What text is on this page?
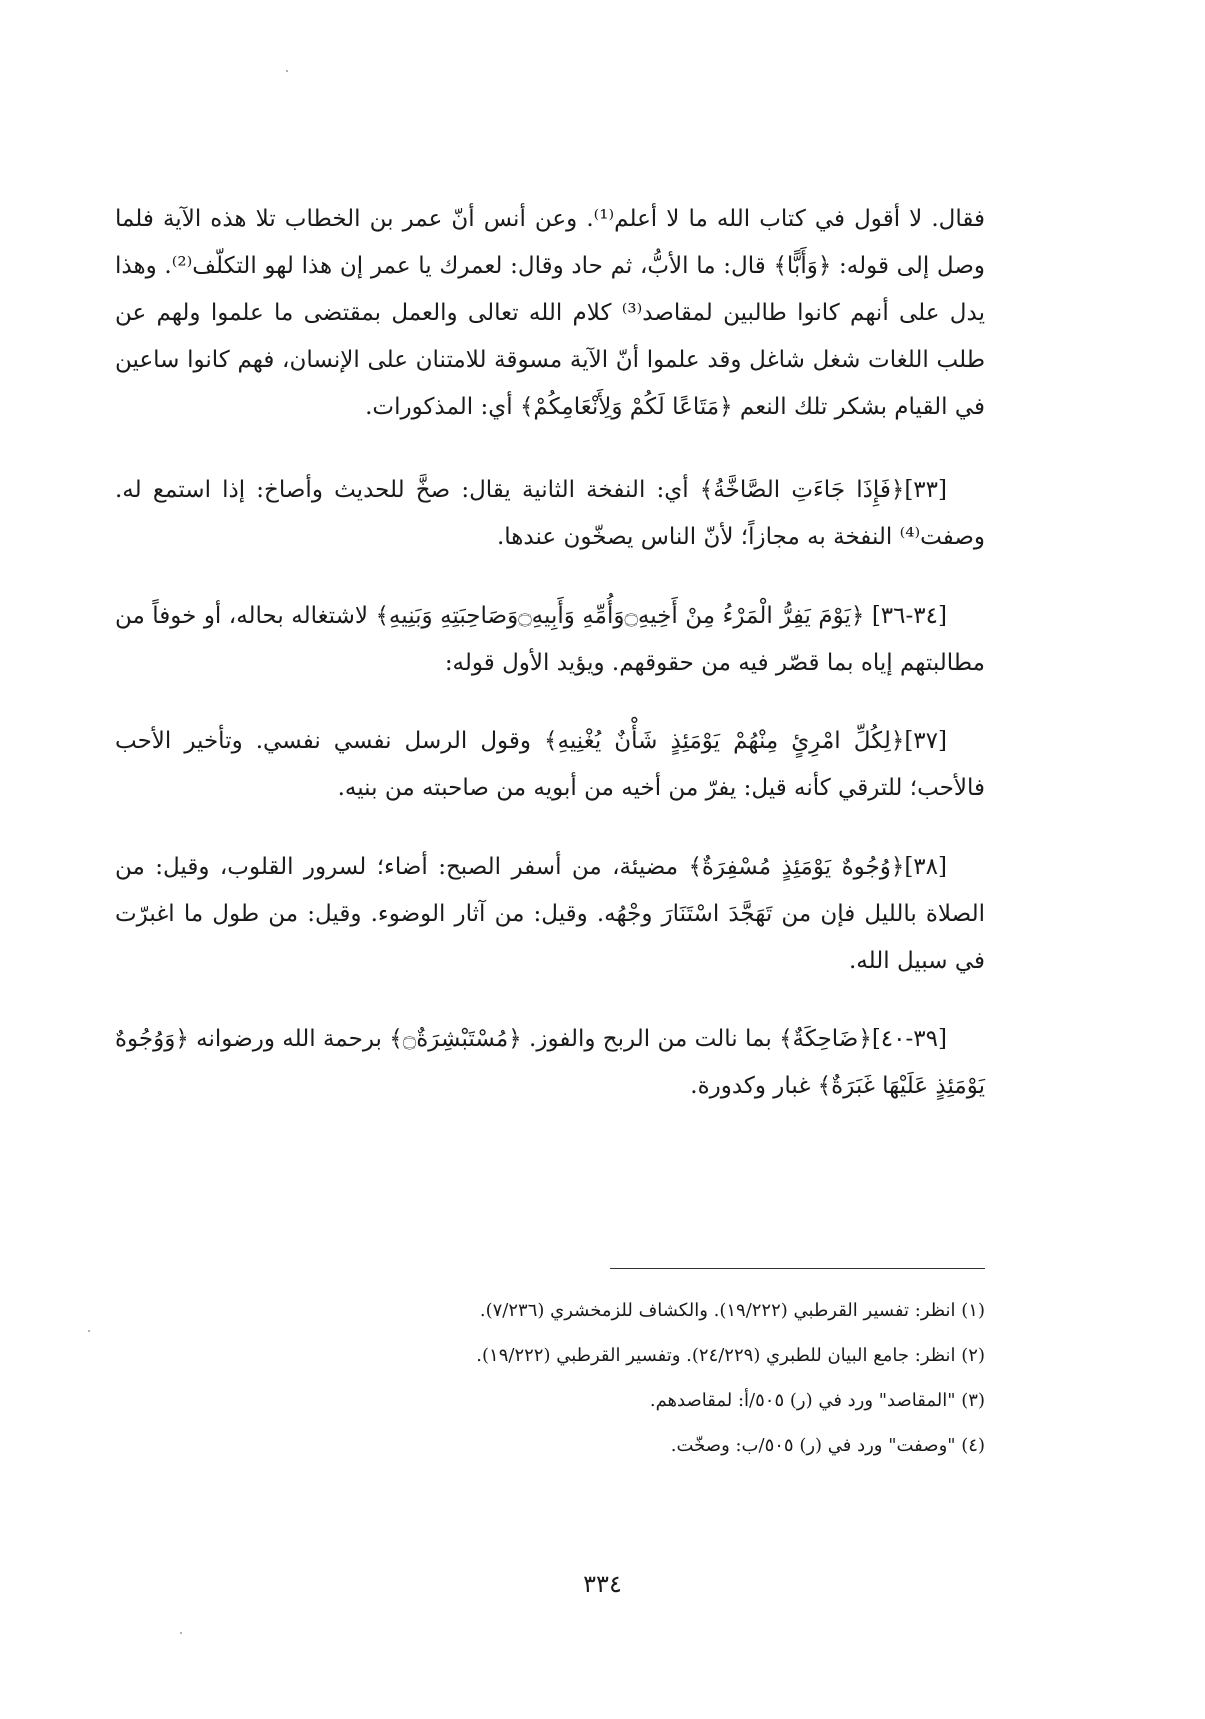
فقال. لا أقول في كتاب الله ما لا أعلم⁽¹⁾. وعن أنس أنّ عمر بن الخطاب تلا هذه الآية فلما وصل إلى قوله: ﴿وَأَبًّا﴾ قال: ما الأبُّ، ثم حاد وقال: لعمرك يا عمر إن هذا لهو التكلّف⁽²⁾. وهذا يدل على أنهم كانوا طالبين لمقاصد⁽³⁾ كلام الله تعالى والعمل بمقتضى ما علموا ولهم عن طلب اللغات شغل شاغل وقد علموا أنّ الآية مسوقة للامتنان على الإنسان، فهم كانوا ساعين في القيام بشكر تلك النعم ﴿مَتَاعًا لَكُمْ وَلِأَنْعَامِكُمْ﴾ أي: المذكورات.

[٣٣]﴿فَإِذَا جَاءَتِ الصَّاخَّةُ﴾ أي: النفخة الثانية يقال: صخَّ للحديث وأصاخ: إذا استمع له. وصفت⁽⁴⁾ النفخة به مجازاً؛ لأنّ الناس يصخّون عندها.

[٣٤-٣٦] ﴿يَوْمَ يَفِرُّ الْمَرْءُ مِنْ أَخِيهِ۝وَأُمِّهِ وَأَبِيهِ۝وَصَاحِبَتِهِ وَبَنِيهِ﴾ لاشتغاله بحاله، أو خوفاً من مطالبتهم إياه بما قصّر فيه من حقوقهم. ويؤيد الأول قوله:

[٣٧]﴿لِكُلِّ امْرِئٍ مِنْهُمْ يَوْمَئِذٍ شَأْنٌ يُغْنِيهِ﴾ وقول الرسل نفسي نفسي. وتأخير الأحب فالأحب؛ للترقي كأنه قيل: يفرّ من أخيه من أبويه من صاحبته من بنيه.

[٣٨]﴿وُجُوهٌ يَوْمَئِذٍ مُسْفِرَةٌ﴾ مضيئة، من أسفر الصبح: أضاء؛ لسرور القلوب، وقيل: من الصلاة بالليل فإن من تَهَجَّدَ اسْتَنَارَ وجْهُه. وقيل: من آثار الوضوء. وقيل: من طول ما اغبرّت في سبيل الله.

[٣٩-٤٠]﴿ضَاحِكَةٌ﴾ بما نالت من الربح والفوز. ﴿مُسْتَبْشِرَةٌ۝﴾ برحمة الله ورضوانه ﴿وَوُجُوهٌ يَوْمَئِذٍ عَلَيْهَا غَبَرَةٌ﴾ غبار وكدورة.

(١) انظر: تفسير القرطبي (١٩/٢٢٢). والكشاف للزمخشري (٧/٢٣٦).

(٢) انظر: جامع البيان للطبري (٢٤/٢٢٩). وتفسير القرطبي (١٩/٢٢٢).

(٣) "المقاصد" ورد في (ر) ٥٠٥/أ: لمقاصدهم.

(٤) "وصفت" ورد في (ر) ٥٠٥/ب: وصخّت.

٣٣٤
